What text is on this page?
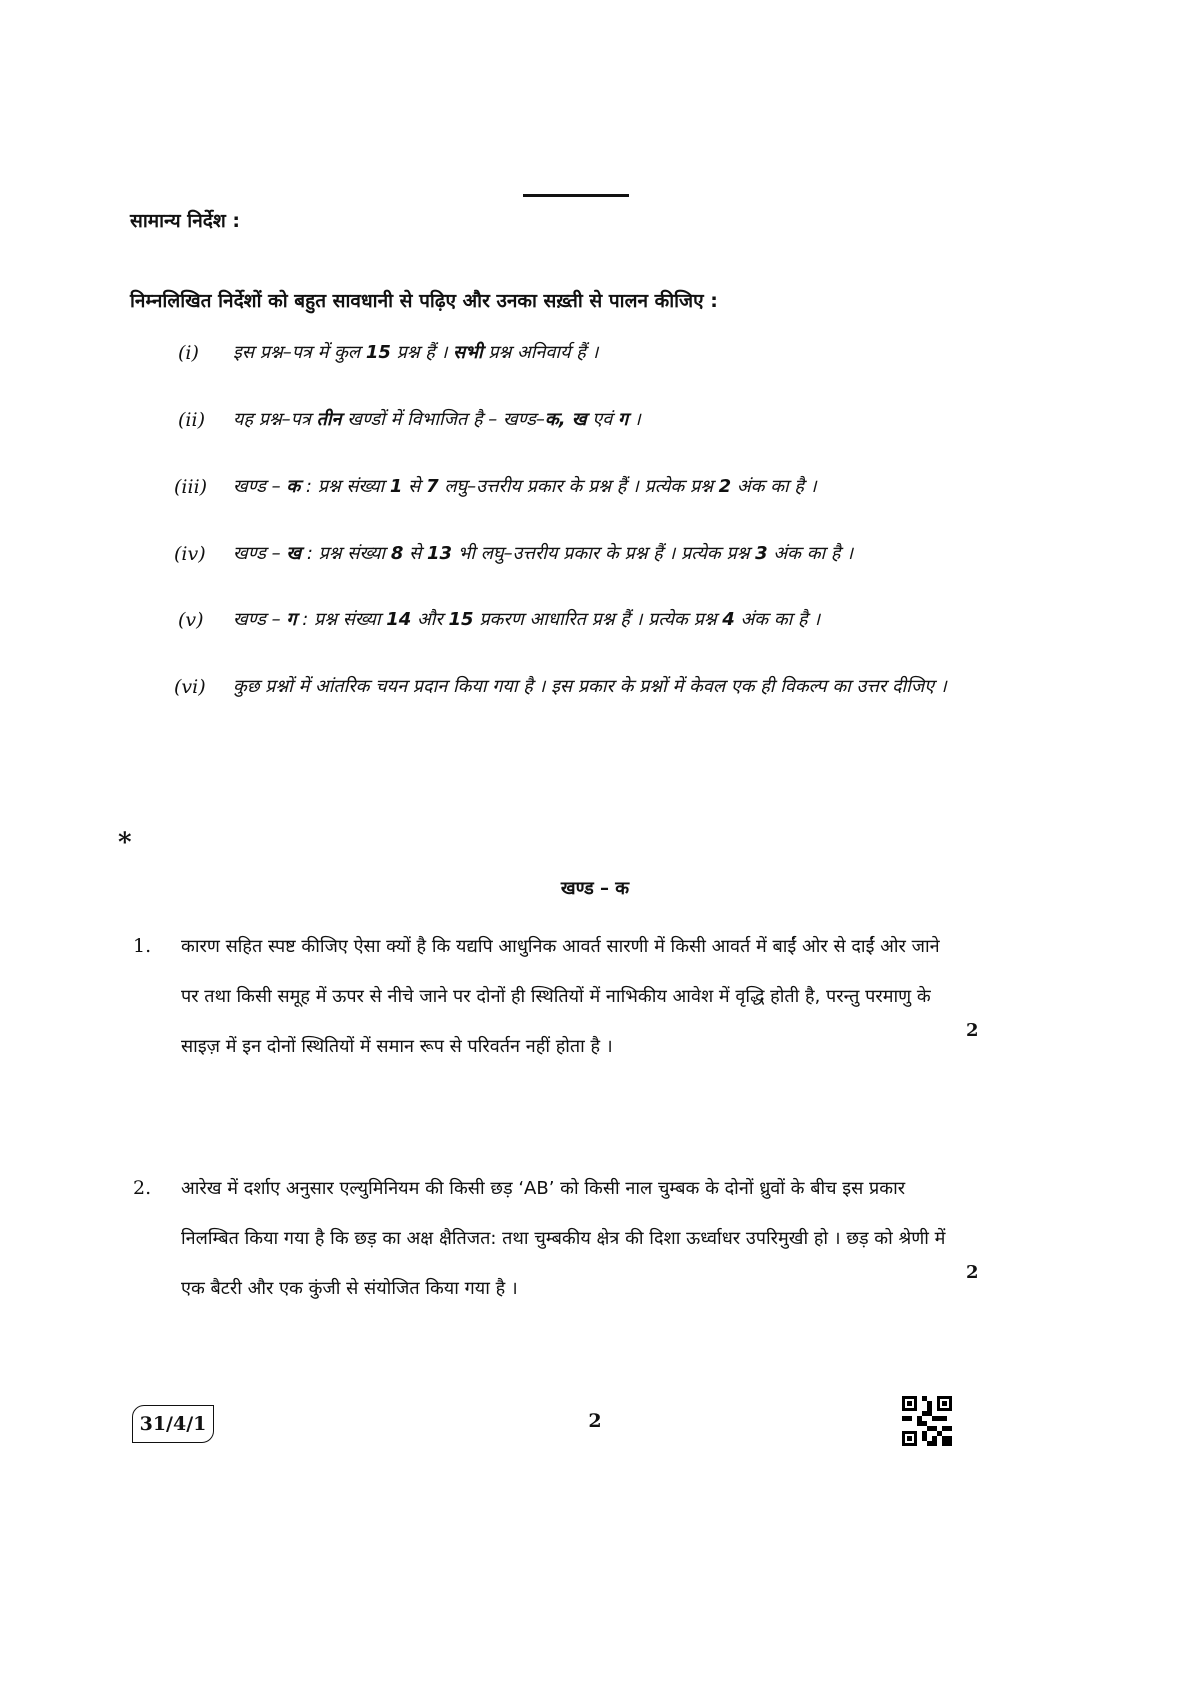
सामान्य निर्देश :
निम्नलिखित निर्देशों को बहुत सावधानी से पढ़िए और उनका सख़्ती से पालन कीजिए :
(i) इस प्रश्न–पत्र में कुल 15 प्रश्न हैं । सभी प्रश्न अनिवार्य हैं ।
(ii) यह प्रश्न–पत्र तीन खण्डों में विभाजित है – खण्ड–क, ख एवं ग ।
(iii) खण्ड – क : प्रश्न संख्या 1 से 7 लघु–उत्तरीय प्रकार के प्रश्न हैं । प्रत्येक प्रश्न 2 अंक का है ।
(iv) खण्ड – ख : प्रश्न संख्या 8 से 13 भी लघु–उत्तरीय प्रकार के प्रश्न हैं । प्रत्येक प्रश्न 3 अंक का है ।
(v) खण्ड – ग : प्रश्न संख्या 14 और 15 प्रकरण आधारित प्रश्न हैं । प्रत्येक प्रश्न 4 अंक का है ।
(vi) कुछ प्रश्नों में आंतरिक चयन प्रदान किया गया है । इस प्रकार के प्रश्नों में केवल एक ही विकल्प का उत्तर दीजिए ।
*
खण्ड – क
1. कारण सहित स्पष्ट कीजिए ऐसा क्यों है कि यद्यपि आधुनिक आवर्त सारणी में किसी आवर्त में बाईं ओर से दाईं ओर जाने पर तथा किसी समूह में ऊपर से नीचे जाने पर दोनों ही स्थितियों में नाभिकीय आवेश में वृद्धि होती है, परन्तु परमाणु के साइज़ में इन दोनों स्थितियों में समान रूप से परिवर्तन नहीं होता है ।
2
2. आरेख में दर्शाए अनुसार एल्युमिनियम की किसी छड़ ‘AB’ को किसी नाल चुम्बक के दोनों ध्रुवों के बीच इस प्रकार निलम्बित किया गया है कि छड़ का अक्ष क्षैतिजत: तथा चुम्बकीय क्षेत्र की दिशा ऊर्ध्वाधर उपरिमुखी हो । छड़ को श्रेणी में एक बैटरी और एक कुंजी से संयोजित किया गया है ।
2
31/4/1	2
